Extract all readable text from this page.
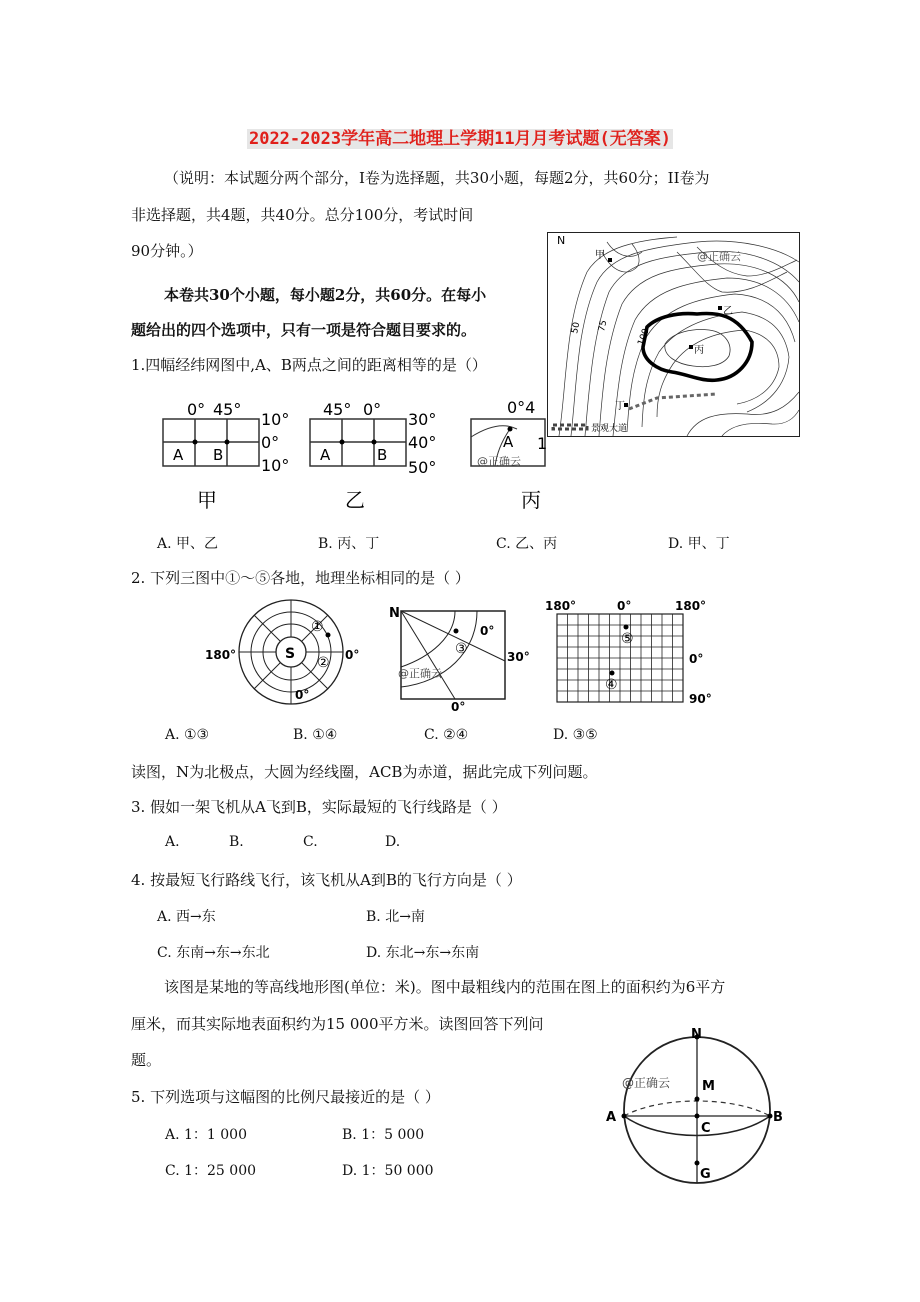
2022-2023学年高二地理上学期11月月考试题(无答案)
（说明：本试题分两个部分，I卷为选择题，共30小题，每题2分，共60分；II卷为
非选择题，共4题，共40分。总分100分，考试时间
90分钟。）
本卷共30个小题，每小题2分，共60分。在每小
题给出的四个选项中，只有一项是符合题目要求的。
N
甲
乙
丙
丁
50 75
100
@正确云
景观大道
1.四幅经纬网图中,A、B两点之间的距离相等的是（）
0° 45°
10°
0°
10°
A B
甲
45° 0°
30°
40°
50°
A	B
乙
0°4
1
A
@正确云
丙
A. 甲、乙	B. 丙、丁	C. 乙、丙	D. 甲、丁
2. 下列三图中①～⑤各地，地理坐标相同的是（ ）
S
180°	0°
0°
①
②
N
0°
30°
0°
③
@正确云
180°	0°	180°
0°
90°
⑤
④
A. ①③	B. ①④	C. ②④	D. ③⑤
读图，N为北极点，大圆为经线圈，ACB为赤道，据此完成下列问题。
3. 假如一架飞机从A飞到B，实际最短的飞行线路是（ ）
A.	B.	C.	D.
4. 按最短飞行路线飞行，该飞机从A到B的飞行方向是（ ）
A. 西→东	B. 北→南
C. 东南→东→东北	D. 东北→东→东南
该图是某地的等高线地形图(单位：米)。图中最粗线内的范围在图上的面积约为6平方
厘米，而其实际地表面积约为15 000平方米。读图回答下列问
题。
N
M
A	B
C
G
@正确云
5. 下列选项与这幅图的比例尺最接近的是（ ）
A. 1：1 000	B. 1：5 000
C. 1：25 000	D. 1：50 000
